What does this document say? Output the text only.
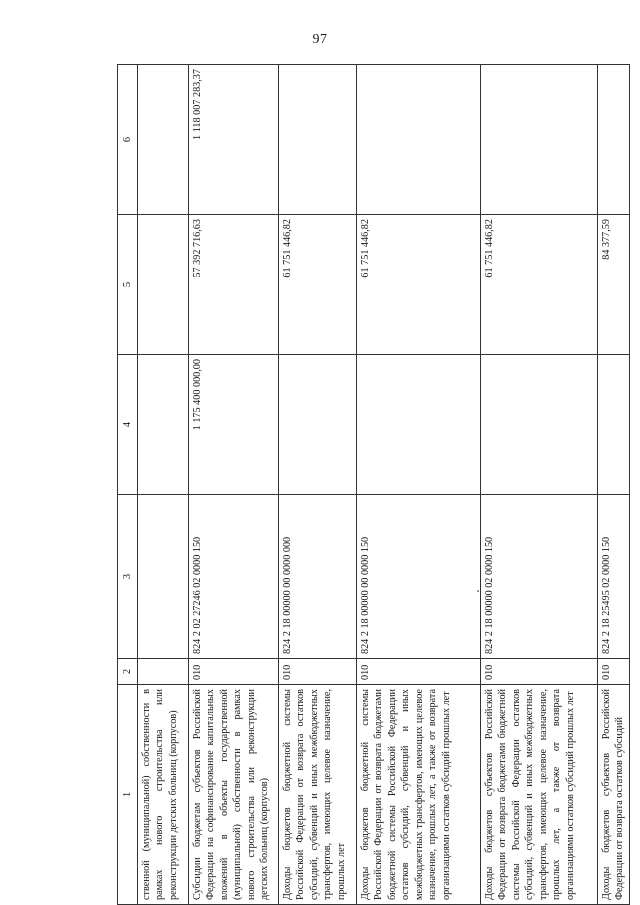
97
1	2	3	4	5	6
ственной (муниципальной) собственности в рамках нового строительства или реконструкции детских больниц (корпусов)					
Субсидии бюджетам субъектов Российской Федерации на софинансирование капитальных вложений в объекты государственной (муниципальной) собственности в рамках нового строительства или реконструкции детских больниц (корпусов)	010	824 2 02 27246 02 0000 150	1 175 400 000,00	57 392 716,63	1 118 007 283,37
Доходы бюджетов бюджетной системы Российской Федерации от возврата остатков субсидий, субвенций и иных межбюджетных трансфертов, имеющих целевое назначение, прошлых лет	010	824 2 18 00000 00 0000 000		61 751 446,82	
Доходы бюджетов бюджетной системы Российской Федерации от возврата бюджетами бюджетной системы Российской Федерации остатков субсидий, субвенций и иных межбюджетных трансфертов, имеющих целевое назначение, прошлых лет, а также от возврата организациями остатков субсидий прошлых лет	010	824 2 18 00000 00 0000 150		61 751 446,82	
Доходы бюджетов субъектов Российской Федерации от возврата бюджетами бюджетной системы Российской Федерации остатков субсидий, субвенций и иных межбюджетных трансфертов, имеющих целевое назначение, прошлых лет, а также от возврата организациями остатков субсидий прошлых лет	010	824 2 18 00000 02 0000 150		61 751 446,82	
Доходы бюджетов субъектов Российской Федерации от возврата остатков субсидий	010	824 2 18 25495 02 0000 150		84 377,59	
